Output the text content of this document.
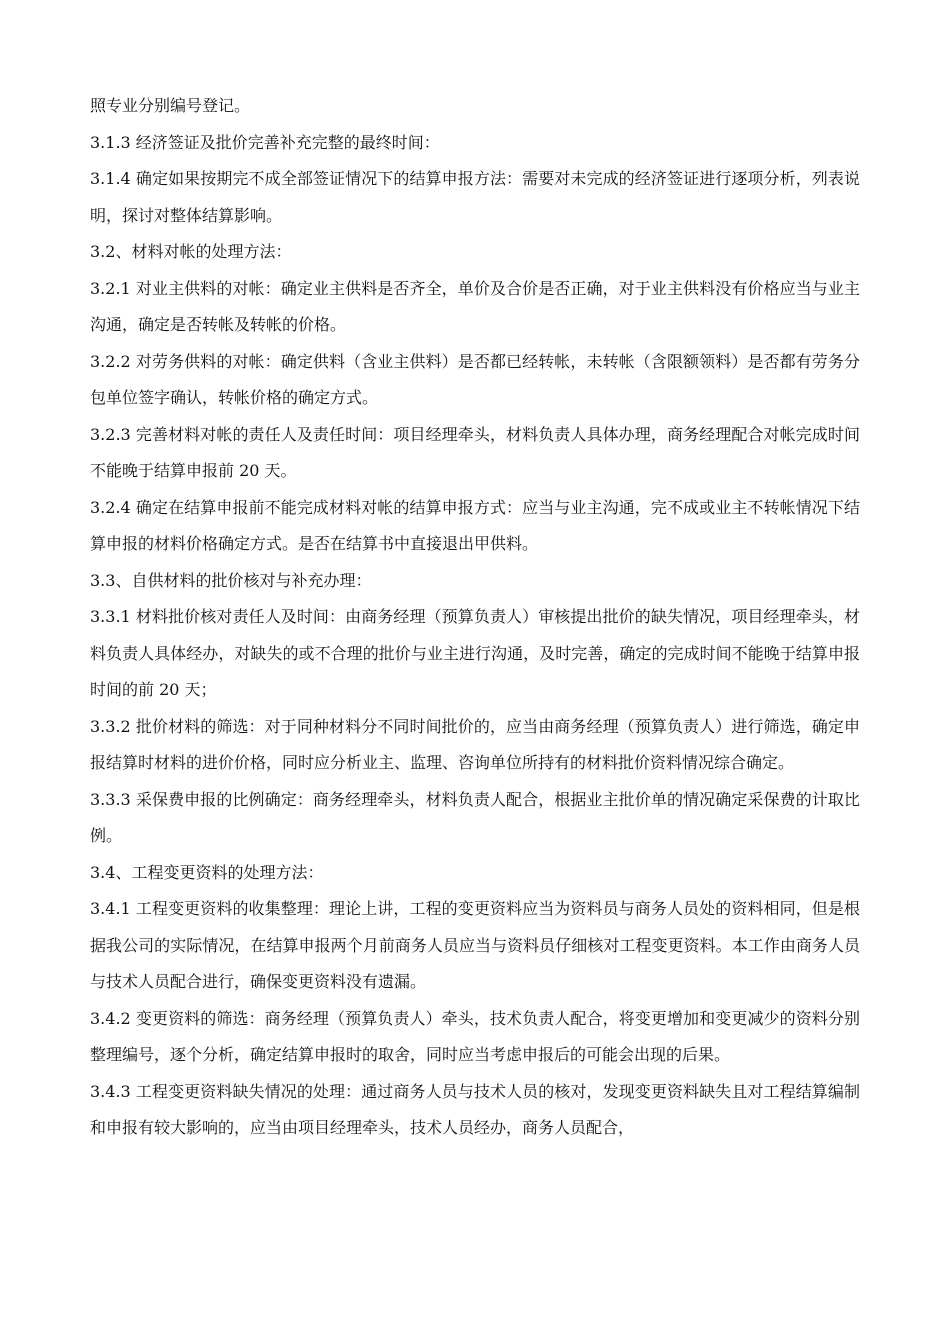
照专业分别编号登记。

3.1.3 经济签证及批价完善补充完整的最终时间：

3.1.4 确定如果按期完不成全部签证情况下的结算申报方法：需要对未完成的经济签证进行逐项分析，列表说明，探讨对整体结算影响。

3.2、材料对帐的处理方法：

3.2.1 对业主供料的对帐：确定业主供料是否齐全，单价及合价是否正确，对于业主供料没有价格应当与业主沟通，确定是否转帐及转帐的价格。

3.2.2 对劳务供料的对帐：确定供料（含业主供料）是否都已经转帐，未转帐（含限额领料）是否都有劳务分包单位签字确认，转帐价格的确定方式。

3.2.3 完善材料对帐的责任人及责任时间：项目经理牵头，材料负责人具体办理，商务经理配合对帐完成时间不能晚于结算申报前 20 天。

3.2.4 确定在结算申报前不能完成材料对帐的结算申报方式：应当与业主沟通，完不成或业主不转帐情况下结算申报的材料价格确定方式。是否在结算书中直接退出甲供料。

3.3、自供材料的批价核对与补充办理：

3.3.1 材料批价核对责任人及时间：由商务经理（预算负责人）审核提出批价的缺失情况，项目经理牵头，材料负责人具体经办，对缺失的或不合理的批价与业主进行沟通，及时完善，确定的完成时间不能晚于结算申报时间的前 20 天；

3.3.2 批价材料的筛选：对于同种材料分不同时间批价的，应当由商务经理（预算负责人）进行筛选，确定申报结算时材料的进价价格，同时应分析业主、监理、咨询单位所持有的材料批价资料情况综合确定。

3.3.3 采保费申报的比例确定：商务经理牵头，材料负责人配合，根据业主批价单的情况确定采保费的计取比例。

3.4、工程变更资料的处理方法：

3.4.1 工程变更资料的收集整理：理论上讲，工程的变更资料应当为资料员与商务人员处的资料相同，但是根据我公司的实际情况，在结算申报两个月前商务人员应当与资料员仔细核对工程变更资料。本工作由商务人员与技术人员配合进行，确保变更资料没有遗漏。

3.4.2 变更资料的筛选：商务经理（预算负责人）牵头，技术负责人配合，将变更增加和变更减少的资料分别整理编号，逐个分析，确定结算申报时的取舍，同时应当考虑申报后的可能会出现的后果。

3.4.3 工程变更资料缺失情况的处理：通过商务人员与技术人员的核对，发现变更资料缺失且对工程结算编制和申报有较大影响的，应当由项目经理牵头，技术人员经办，商务人员配合，
